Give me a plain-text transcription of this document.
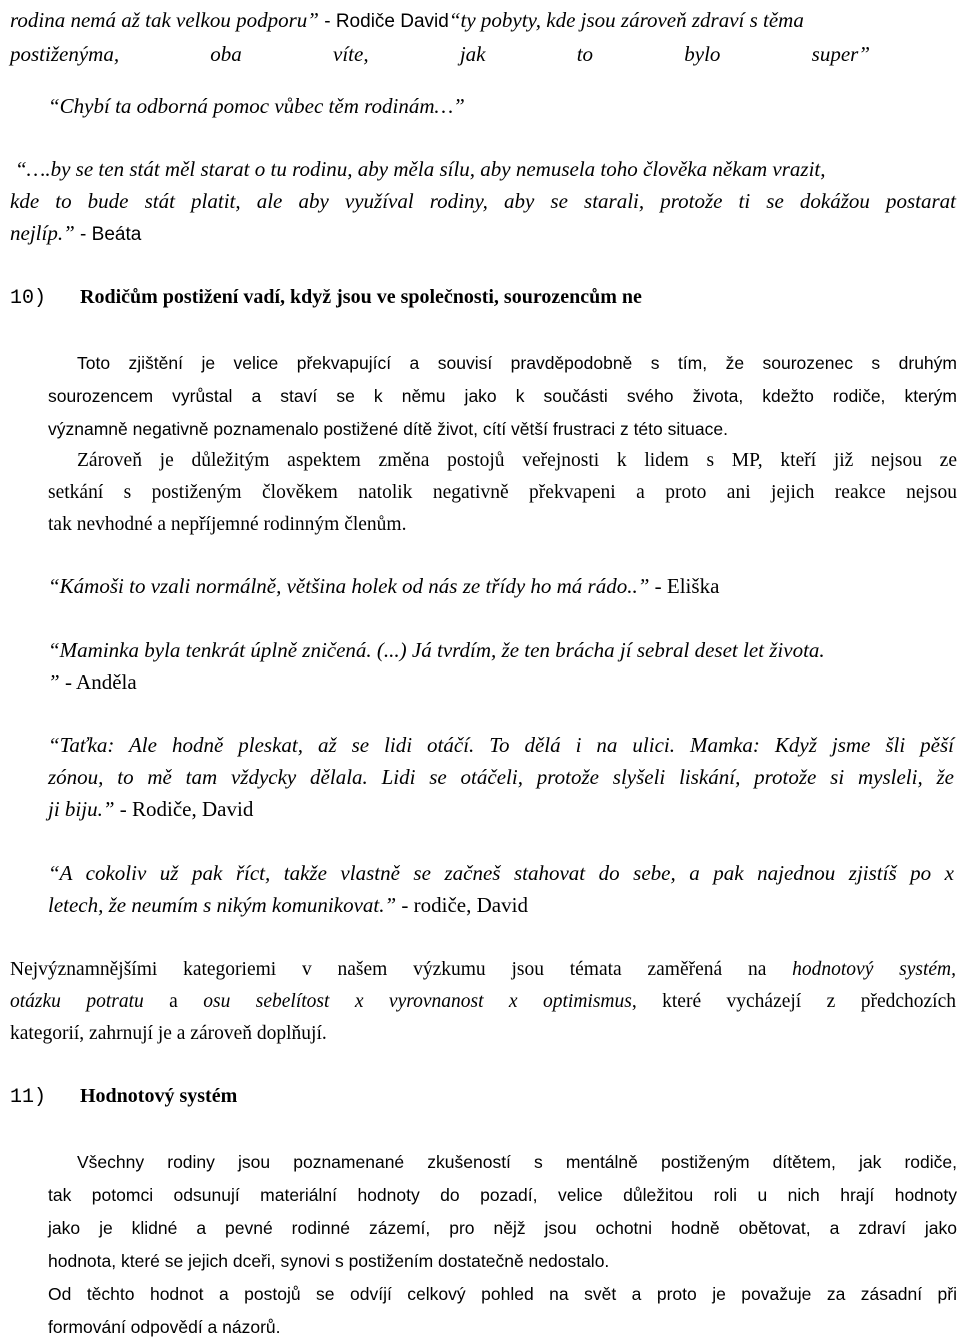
rodina nemá až tak velkou podporu” - Rodiče David“ty pobyty, kde jsou zároveň zdraví s těma
postiženýma, oba víte, jak to bylo super”
“Chybí ta odborná pomoc vůbec těm rodinám…”
“….by se ten stát měl starat o tu rodinu, aby měla sílu, aby nemusela toho člověka někam vrazit,
kde to bude stát platit, ale aby využíval rodiny, aby se starali, protože ti se dokážou postarat
nejlíp.” - Beáta
10)	Rodičům postižení vadí, když jsou ve společnosti, sourozencům ne
Toto zjištění je velice překvapující a souvisí pravděpodobně s tím, že sourozenec s druhým
sourozencem vyrůstal a staví se k němu jako k součásti svého života, kdežto rodiče, kterým
významně negativně poznamenalo postižené dítě život, cítí větší frustraci z této situace.
Zároveň je důležitým aspektem změna postojů veřejnosti k lidem s MP, kteří již nejsou ze
setkání s postiženým člověkem natolik negativně překvapeni a proto ani jejich reakce nejsou
tak nevhodné a nepříjemné rodinným členům.
“Kámoši to vzali normálně, většina holek od nás ze třídy ho má rádo..” - Eliška
“Maminka byla tenkrát úplně zničená. (...) Já tvrdím, že ten brácha jí sebral deset let života.
” - Anděla
“Taťka: Ale hodně pleskat, až se lidi otáčí. To dělá i na ulici. Mamka: Když jsme šli pěší
zónou, to mě tam vždycky dělala. Lidi se otáčeli, protože slyšeli liskání, protože si mysleli, že
ji biju.” - Rodiče, David
“A cokoliv už pak říct, takže vlastně se začneš stahovat do sebe, a pak najednou zjistíš po x
letech, že neumím s nikým komunikovat.” - rodiče, David
Nejvýznamnějšími kategoriemi v našem výzkumu jsou témata zaměřená na hodnotový systém,
otázku potratu a osu sebelítost x vyrovnanost x optimismus, které vycházejí z předchozích
kategorií, zahrnují je a zároveň doplňují.
11)	Hodnotový systém
Všechny rodiny jsou poznamenané zkušeností s mentálně postiženým dítětem, jak rodiče,
tak potomci odsunují materiální hodnoty do pozadí, velice důležitou roli u nich hrají hodnoty
jako je klidné a pevné rodinné zázemí, pro nějž jsou ochotni hodně obětovat, a zdraví jako
hodnota, které se jejich dceři, synovi s postižením dostatečně nedostalo.
Od těchto hodnot a postojů se odvíjí celkový pohled na svět a proto je považuje za zásadní při
formování odpovědí a názorů.
